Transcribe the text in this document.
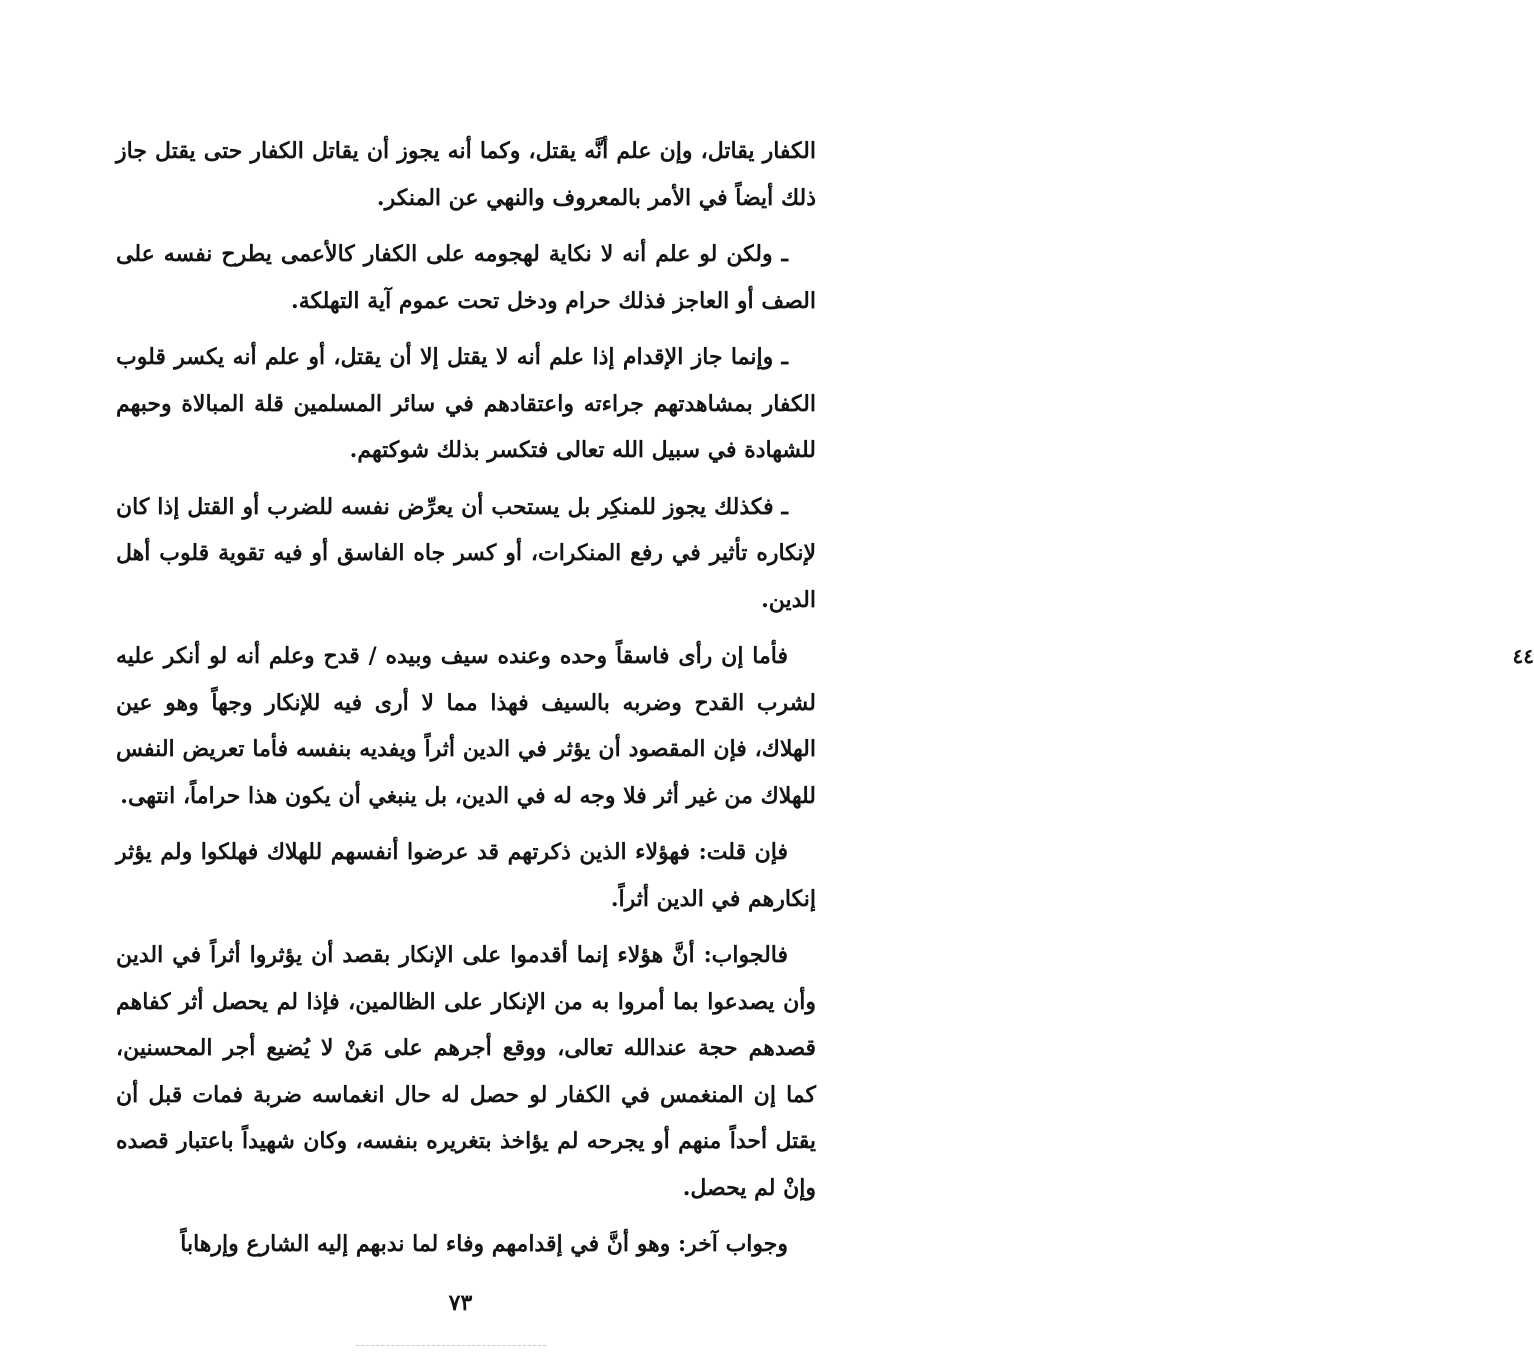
الكفار يقاتل، وإن علم أنَّه يقتل، وكما أنه يجوز أن يقاتل الكفار حتى يقتل جاز ذلك أيضاً في الأمر بالمعروف والنهي عن المنكر.

ـ ولكن لو علم أنه لا نكاية لهجومه على الكفار كالأعمى يطرح نفسه على الصف أو العاجز فذلك حرام ودخل تحت عموم آية التهلكة.

ـ وإنما جاز الإقدام إذا علم أنه لا يقتل إلا أن يقتل، أو علم أنه يكسر قلوب الكفار بمشاهدتهم جراءته واعتقادهم في سائر المسلمين قلة المبالاة وحبهم للشهادة في سبيل الله تعالى فتكسر بذلك شوكتهم.

ـ فكذلك يجوز للمنكِر بل يستحب أن يعرِّض نفسه للضرب أو القتل إذا كان لإنكاره تأثير في رفع المنكرات، أو كسر جاه الفاسق أو فيه تقوية قلوب أهل الدين.

٤٤

فأما إن رأى فاسقاً وحده وعنده سيف وبيده / قدح وعلم أنه لو أنكر عليه لشرب القدح وضربه بالسيف فهذا مما لا أرى فيه للإنكار وجهاً وهو عين الهلاك، فإن المقصود أن يؤثر في الدين أثراً ويفديه بنفسه فأما تعريض النفس للهلاك من غير أثر فلا وجه له في الدين، بل ينبغي أن يكون هذا حراماً، انتهى.

فإن قلت: فهؤلاء الذين ذكرتهم قد عرضوا أنفسهم للهلاك فهلكوا ولم يؤثر إنكارهم في الدين أثراً.

فالجواب: أنَّ هؤلاء إنما أقدموا على الإنكار بقصد أن يؤثروا أثراً في الدين وأن يصدعوا بما أمروا به من الإنكار على الظالمين، فإذا لم يحصل أثر كفاهم قصدهم حجة عندالله تعالى، ووقع أجرهم على مَنْ لا يُضيع أجر المحسنين، كما إن المنغمس في الكفار لو حصل له حال انغماسه ضربة فمات قبل أن يقتل أحداً منهم أو يجرحه لم يؤاخذ بتغريره بنفسه، وكان شهيداً باعتبار قصده وإنْ لم يحصل.

وجواب آخر: وهو أنَّ في إقدامهم وفاء لما ندبهم إليه الشارع وإرهاباً

٧٣
